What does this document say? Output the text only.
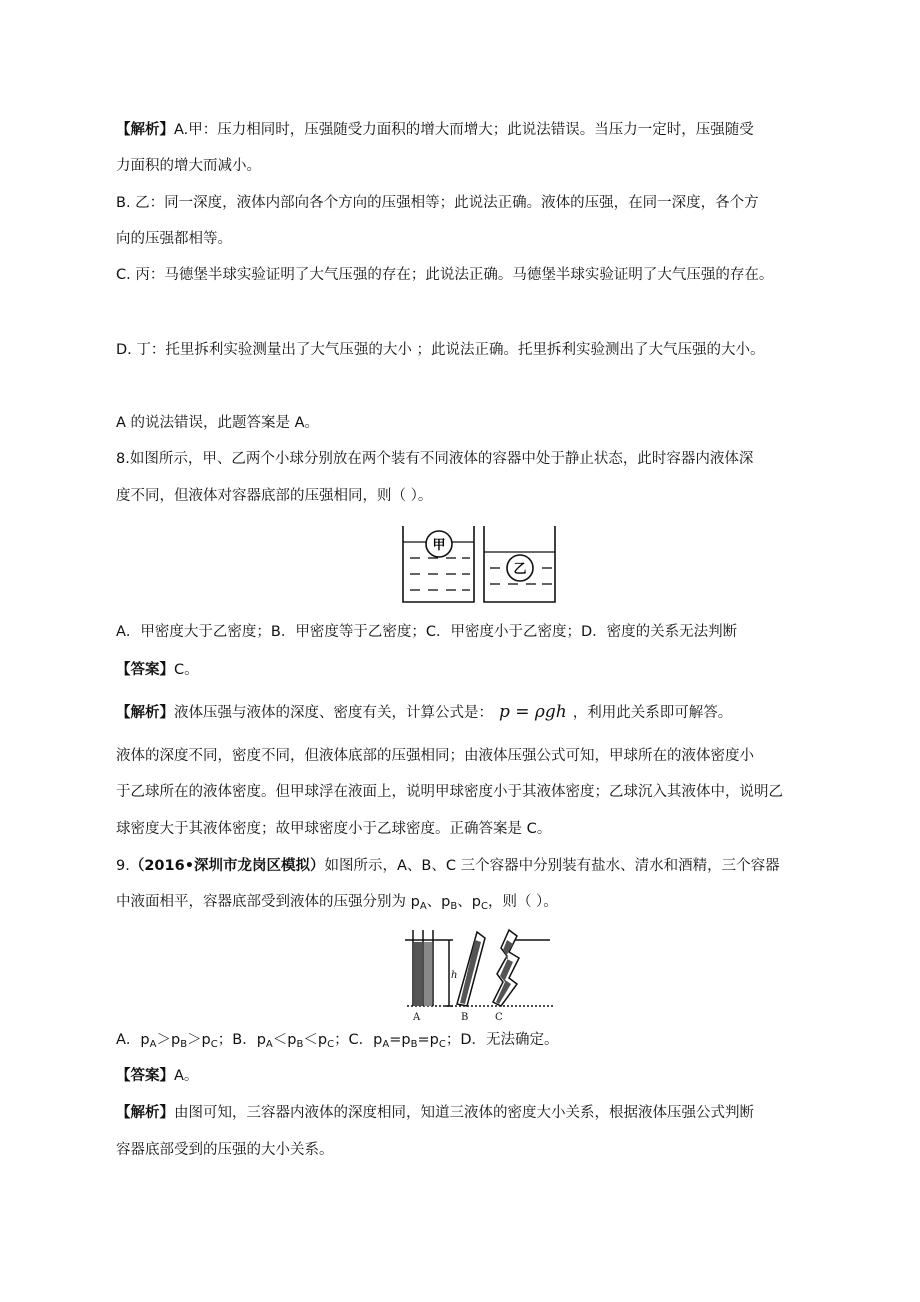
【解析】A.甲：压力相同时，压强随受力面积的增大而增大；此说法错误。当压力一定时，压强随受
力面积的增大而减小。
B. 乙：同一深度，液体内部向各个方向的压强相等；此说法正确。液体的压强，在同一深度，各个方
向的压强都相等。
C. 丙：马德堡半球实验证明了大气压强的存在；此说法正确。马德堡半球实验证明了大气压强的存在。
D. 丁：托里拆利实验测量出了大气压强的大小 ；此说法正确。托里拆利实验测出了大气压强的大小。
A 的说法错误，此题答案是 A。
8.如图所示，甲、乙两个小球分别放在两个装有不同液体的容器中处于静止状态，此时容器内液体深
度不同，但液体对容器底部的压强相同，则（ ）。
甲
乙
A．甲密度大于乙密度；B．甲密度等于乙密度；C．甲密度小于乙密度；D．密度的关系无法判断
【答案】C。
【解析】液体压强与液体的深度、密度有关，计算公式是： p = ρgh ，利用此关系即可解答。
液体的深度不同，密度不同，但液体底部的压强相同；由液体压强公式可知，甲球所在的液体密度小
于乙球所在的液体密度。但甲球浮在液面上，说明甲球密度小于其液体密度；乙球沉入其液体中，说明乙
球密度大于其液体密度；故甲球密度小于乙球密度。正确答案是 C。
9.（2016•深圳市龙岗区模拟）如图所示，A、B、C 三个容器中分别装有盐水、清水和酒精，三个容器
中液面相平，容器底部受到液体的压强分别为 $p_A$、$p_B$、$p_C$，则（ ）。
h
A	B	C
A．$p_A>p_B>p_C$；B．$p_A<p_B<p_C$；C．$p_A=p_B=p_C$；D．无法确定。
【答案】A。
【解析】由图可知，三容器内液体的深度相同，知道三液体的密度大小关系，根据液体压强公式判断
容器底部受到的压强的大小关系。
